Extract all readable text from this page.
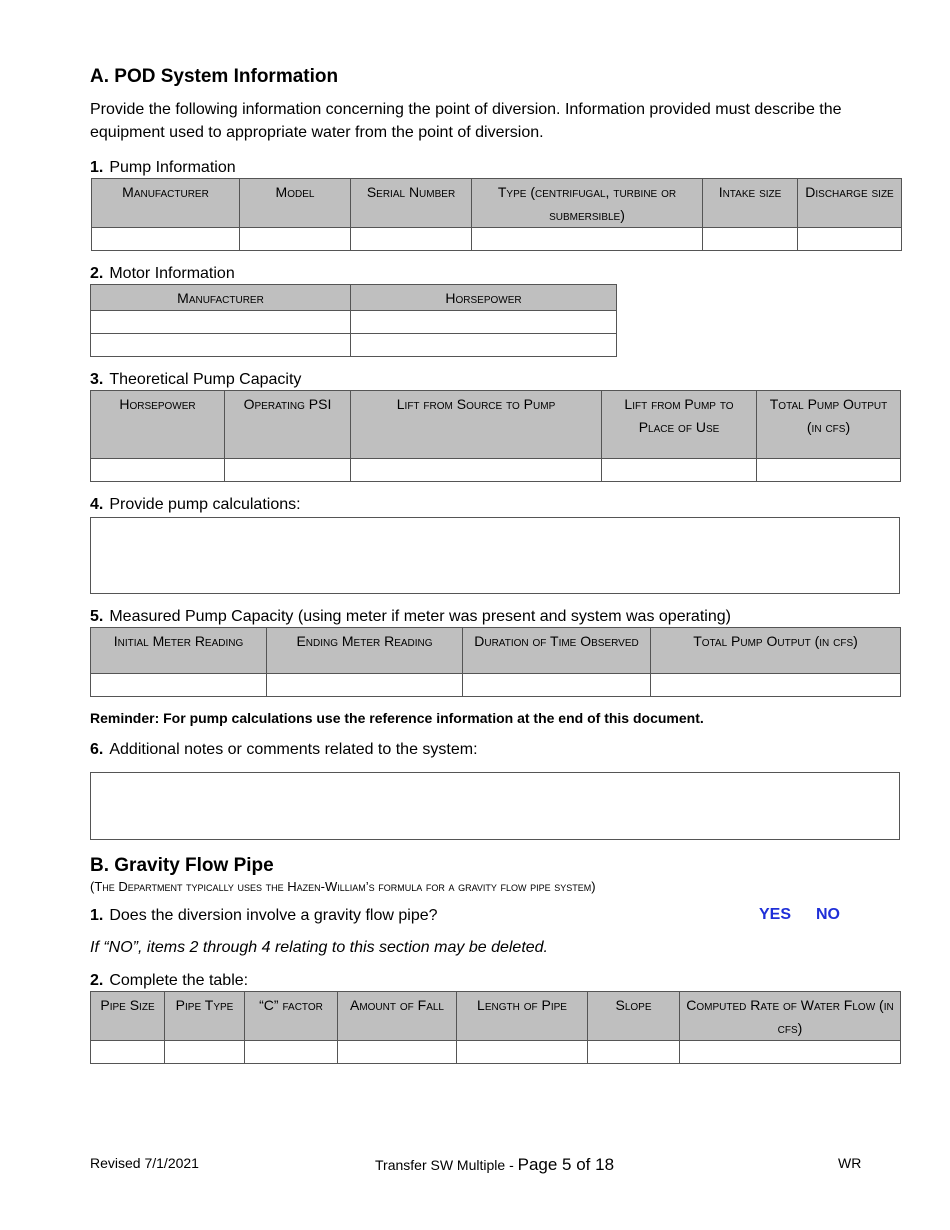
A. POD System Information

Provide the following information concerning the point of diversion. Information provided must describe the equipment used to appropriate water from the point of diversion.

1. Pump Information

Manufacturer	Model	Serial Number	Type (centrifugal, turbine or submersible)	Intake size	Discharge size

2. Motor Information

Manufacturer	Horsepower

3. Theoretical Pump Capacity

Horsepower	Operating PSI	Lift from Source to Pump	Lift from Pump to Place of Use	Total Pump Output (in cfs)

4. Provide pump calculations:

5. Measured Pump Capacity (using meter if meter was present and system was operating)

Initial Meter Reading	Ending Meter Reading	Duration of Time Observed	Total Pump Output (in cfs)

Reminder: For pump calculations use the reference information at the end of this document.

6. Additional notes or comments related to the system:

B. Gravity Flow Pipe

(The Department typically uses the Hazen-William’s formula for a gravity flow pipe system)

1. Does the diversion involve a gravity flow pipe?	YES NO

If “NO”, items 2 through 4 relating to this section may be deleted.

2. Complete the table:

Pipe Size	Pipe Type	“C” factor	Amount of Fall	Length of Pipe	Slope	Computed Rate of Water Flow (in cfs)

Revised 7/1/2021	Transfer SW Multiple - Page 5 of 18	WR
